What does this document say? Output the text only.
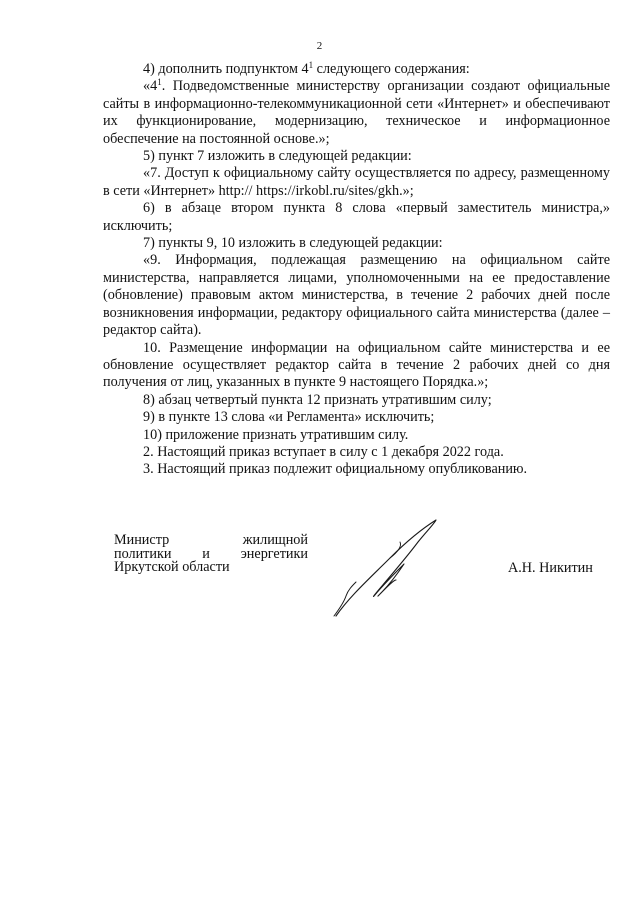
2

4) дополнить подпунктом $4^1$ следующего содержания:

«$4^1$. Подведомственные министерству организации создают официальные сайты в информационно-телекоммуникационной сети «Интернет» и обеспечивают их функционирование, модернизацию, техническое и информационное обеспечение на постоянной основе.»;

5) пункт 7 изложить в следующей редакции:

«7. Доступ к официальному сайту осуществляется по адресу, размещенному в сети «Интернет» http:// https://irkobl.ru/sites/gkh.»;

6) в абзаце втором пункта 8 слова «первый заместитель министра,» исключить;

7) пункты 9, 10 изложить в следующей редакции:

«9. Информация, подлежащая размещению на официальном сайте министерства, направляется лицами, уполномоченными на ее предоставление (обновление) правовым актом министерства, в течение 2 рабочих дней после возникновения информации, редактору официального сайта министерства (далее – редактор сайта).

10. Размещение информации на официальном сайте министерства и ее обновление осуществляет редактор сайта в течение 2 рабочих дней со дня получения от лиц, указанных в пункте 9 настоящего Порядка.»;

8) абзац четвертый пункта 12 признать утратившим силу;

9) в пункте 13 слова «и Регламента» исключить;

10) приложение признать утратившим силу.

2. Настоящий приказ вступает в силу с 1 декабря 2022 года.

3. Настоящий приказ подлежит официальному опубликованию.

Министр жилищной
политики и энергетики
Иркутской области	А.Н. Никитин
